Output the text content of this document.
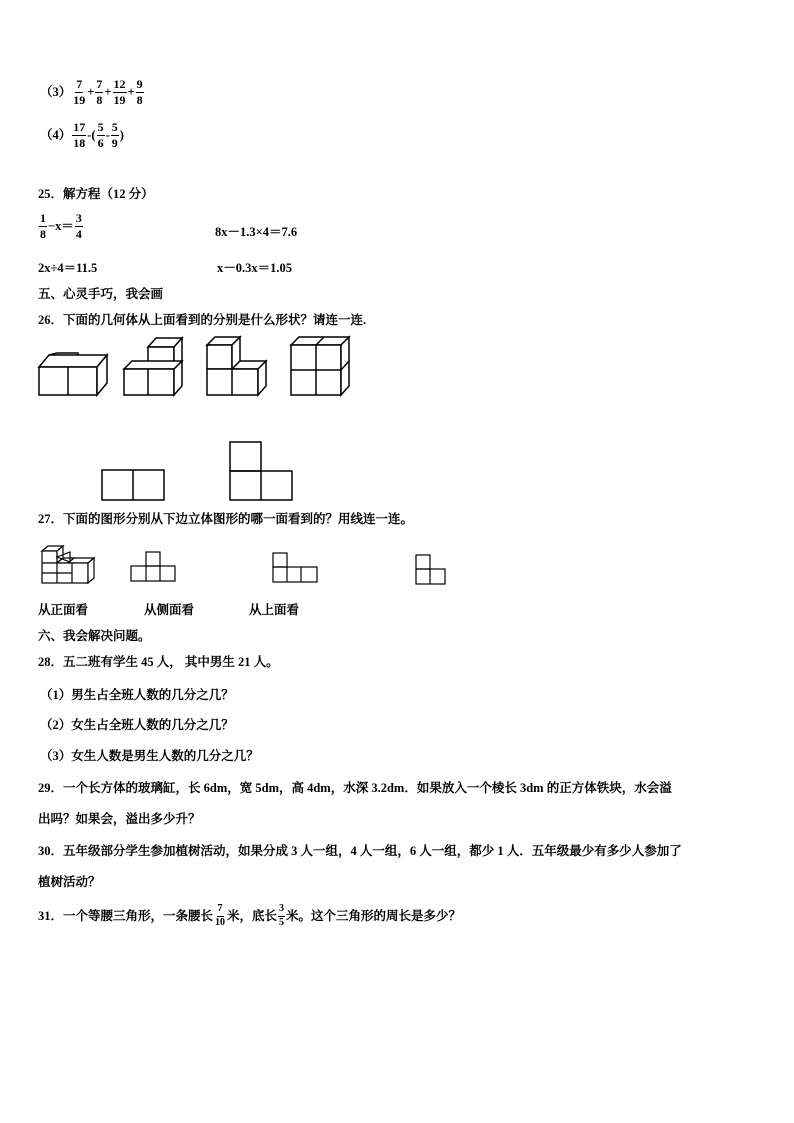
$(3) \frac{7}{19} + \frac{7}{8} + \frac{12}{19} + \frac{9}{8}$
$(4) \frac{17}{18}$ -( $\frac{5}{6} - \frac{5}{9}$ )
25．解方程（12 分）
$\frac{1}{8} -x= \frac{3}{4}$	8x－1.3×4＝7.6
2x÷4＝11.5	x－0.3x＝1.05
五、心灵手巧，我会画
26．下面的几何体从上面看到的分别是什么形状？请连一连.
27．下面的图形分别从下边立体图形的哪一面看到的？用线连一连。
从正面看	从侧面看	从上面看
六、我会解决问题。
28．五二班有学生 45 人， 其中男生 21 人。
（1）男生占全班人数的几分之几？
（2）女生占全班人数的几分之几？
（3）女生人数是男生人数的几分之几？
29．一个长方体的玻璃缸，长 6dm，宽 5dm，高 4dm，水深 3.2dm．如果放入一个棱长 3dm 的正方体铁块，水会溢
出吗？如果会，溢出多少升？
30．五年级部分学生参加植树活动，如果分成 3 人一组，4 人一组，6 人一组，都少 1 人．五年级最少有多少人参加了
植树活动？
31．一个等腰三角形，一条腰长 $\frac{7}{10}$ 米，底长 $\frac{3}{5}$ 米。这个三角形的周长是多少？
